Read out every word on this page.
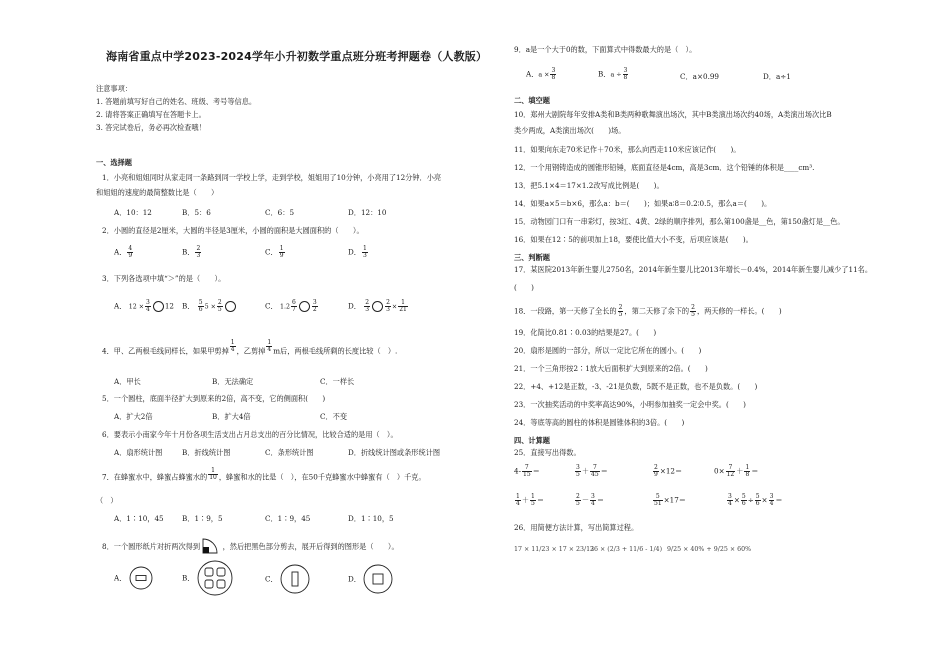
海南省重点中学2023-2024学年小升初数学重点班分班考押题卷（人教版）
注意事项：
1. 答题前填写好自己的姓名、班级、考号等信息。
2. 请将答案正确填写在答题卡上。
3. 答完试卷后，务必再次检查哦！
一、选择题
1．小亮和姐姐同时从家走同一条路到同一学校上学，走到学校，姐姐用了10分钟，小亮用了12分钟．小亮
和姐姐的速度的最简整数比是（　　）
A．10：12	B．5：6	C．6：5	D．12：10
2．小圆的直径是2厘米，大圆的半径是3厘米，小圆的面积是大圆面积的（　　）。
A． $\frac{4}{9}$	B． $\frac{2}{3}$	C． $\frac{1}{9}$	D． $\frac{1}{3}$
3．下列各选项中填“＞”的是（　　）。
A． $12 \times \frac{3}{4} 12$ B． $\frac{5}{6} 5 \times \frac{2}{5}$	C． $1.2 \frac{6}{7}$	$\frac{3}{2}$	D． $\frac{2}{3}$	$\frac{2}{3} \times \frac{1}{21}$
4．甲、乙两根毛线同样长，如果甲剪掉 $\frac{1}{4}$ ，乙剪掉 $\frac{1}{4}$ m后，两根毛线所剩的长度比较（　）.
A．甲长	B．无法确定	C．一样长
5．一个圆柱，底面半径扩大到原来的2倍，高不变，它的侧面积(　　)
A．扩大2倍	B．扩大4倍	C．不变
6．要表示小南家今年十月份各项生活支出占月总支出的百分比情况，比较合适的是用（　）。
A．扇形统计图	B．折线统计图	C．条形统计图	D．折线统计图或条形统计图
7．在蜂蜜水中，蜂蜜占蜂蜜水的 $\frac{1}{10}$ ，蜂蜜和水的比是（　），在50千克蜂蜜水中蜂蜜有（　）千克。
（　）
A．1∶10，45	B．1∶9，5	C．1∶9，45	D．1∶10，5
8．一个圆形纸片对折两次得到	，然后把黑色部分剪去，展开后得到的图形是（　　）。
A．	B．	C．	D．
9．a是一个大于0的数，下面算式中得数最大的是（　）。
A．$a \times \frac{3}{8}$	B．$a \div \frac{3}{8}$	C．a×0.99	D．a÷1
二、填空题
10．郑州大剧院每年安排A类和B类两种歌舞演出场次，其中B类演出场次约40场，A类演出场次比B
类少两成，A类演出场次(　　)场。
11．如果向东走70米记作＋70米，那么向西走110米应该记作(　　)。
12．一个用钢铸造成的圆锥形铅锤，底面直径是4cm，高是3cm．这个铅锤的体积是____cm³.
13．把5.1×4＝17×1.2改写成比例是(　　)。
14．如果a×5＝b×6，那么a：b＝(　　)；如果a∶8＝0.2∶0.5，那么a＝(　　)。
15．动物园门口有一串彩灯，按3红、4黄、2绿的顺序排列，那么第100盏是__色，第150盏灯是__色。
16．如果在12∶5的前项加上18，要使比值大小不变，后项应该是(　　)。
三、判断题
17．某医院2013年新生婴儿2750名，2014年新生婴儿比2013年增长－0.4%，2014年新生婴儿减少了11名。
(　　)
18．一段路，第一天修了全长的 $\frac{2}{5}$ ，第二天修了余下的 $\frac{2}{5}$ ，两天修的一样长。(　　)
19．化简比0.81∶0.03的结果是27。(　　)
20．扇形是圆的一部分，所以一定比它所在的圆小。(　　)
21．一个三角形按2∶1放大后面积扩大到原来的2倍。(　　)
22．+4、+12是正数，-3、-21是负数，5既不是正数，也不是负数。(　　)
23．一次抽奖活动的中奖率高达90%，小明参加抽奖一定会中奖。(　　)
24．等底等高的圆柱的体积是圆锥体积的3倍。(　　)
四、计算题
25．直接写出得数。
$4- \frac{7}{15}$ ＝	$\frac{3}{5} + \frac{7}{45}$ ＝	$\frac{2}{9} \times 12=$	$0\times \frac{7}{12} + \frac{1}{8}$ ＝
$\frac{1}{4} + \frac{1}{5}$ ＝	$\frac{2}{5} - \frac{3}{4}$ ＝	$\frac{5}{51} \times 17=$	$\frac{3}{4} \times \frac{5}{6} \div \frac{5}{6} \times \frac{3}{4}$ ＝
26．用简便方法计算，写出简算过程。
17 × 11/23 × 17 × 23/12
36 × (2/3 + 11/6 - 1/4) 9/25 × 40% + 9/25 × 60%
